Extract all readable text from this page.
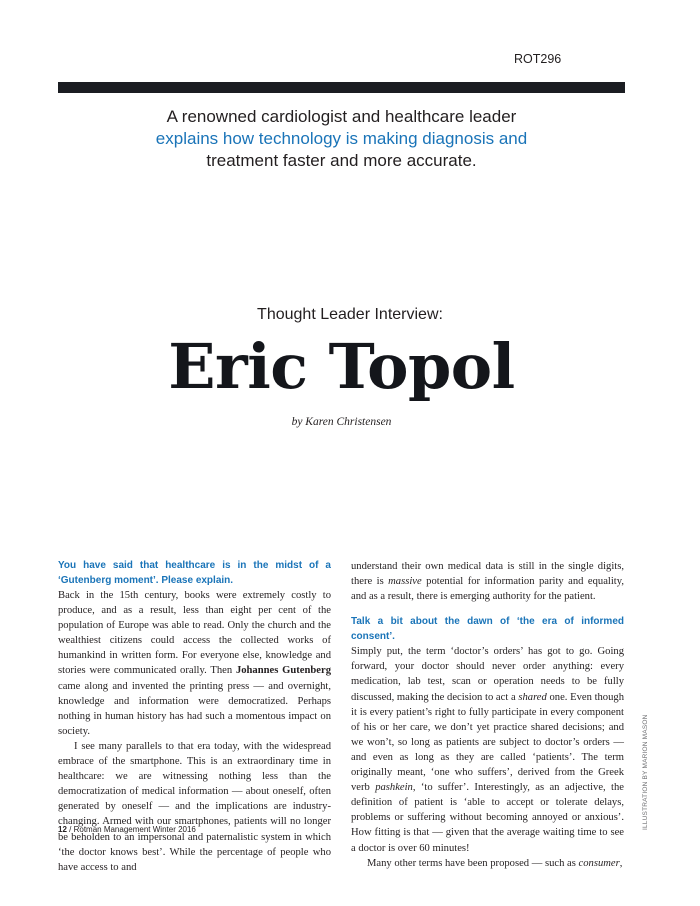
ROT296
A renowned cardiologist and healthcare leader
explains how technology is making diagnosis and
treatment faster and more accurate.
Thought Leader Interview:
Eric Topol
by Karen Christensen

You have said that healthcare is in the midst of a ‘Gutenberg moment’. Please explain.

Back in the 15th century, books were extremely costly to produce, and as a result, less than eight per cent of the population of Europe was able to read. Only the church and the wealthiest citizens could access the collected works of humankind in written form. For everyone else, knowledge and stories were communicated orally. Then Johannes Gutenberg came along and invented the printing press — and overnight, knowledge and information were democratized. Perhaps nothing in human history has had such a momentous impact on society.

I see many parallels to that era today, with the widespread embrace of the smartphone. This is an extraordinary time in healthcare: we are witnessing nothing less than the democratization of medical information — about oneself, often generated by oneself — and the implications are industry-changing. Armed with our smartphones, patients will no longer be beholden to an impersonal and paternalistic system in which ‘the doctor knows best’. While the percentage of people who have access to and

understand their own medical data is still in the single digits, there is massive potential for information parity and equality, and as a result, there is emerging authority for the patient.

Talk a bit about the dawn of ‘the era of informed consent’.

Simply put, the term ‘doctor’s orders’ has got to go. Going forward, your doctor should never order anything: every medication, lab test, scan or operation needs to be fully discussed, making the decision to act a shared one. Even though it is every patient’s right to fully participate in every component of his or her care, we don’t yet practice shared decisions; and we won’t, so long as patients are subject to doctor’s orders — and even as long as they are called ‘patients’. The term originally meant, ‘one who suffers’, derived from the Greek verb pashkein, ‘to suffer’. Interestingly, as an adjective, the definition of patient is ‘able to accept or tolerate delays, problems or suffering without becoming annoyed or anxious’. How fitting is that — given that the average waiting time to see a doctor is over 60 minutes!

Many other terms have been proposed — such as consumer,

ILLUSTRATION BY MARION MASON
12 / Rotman Management Winter 2016
